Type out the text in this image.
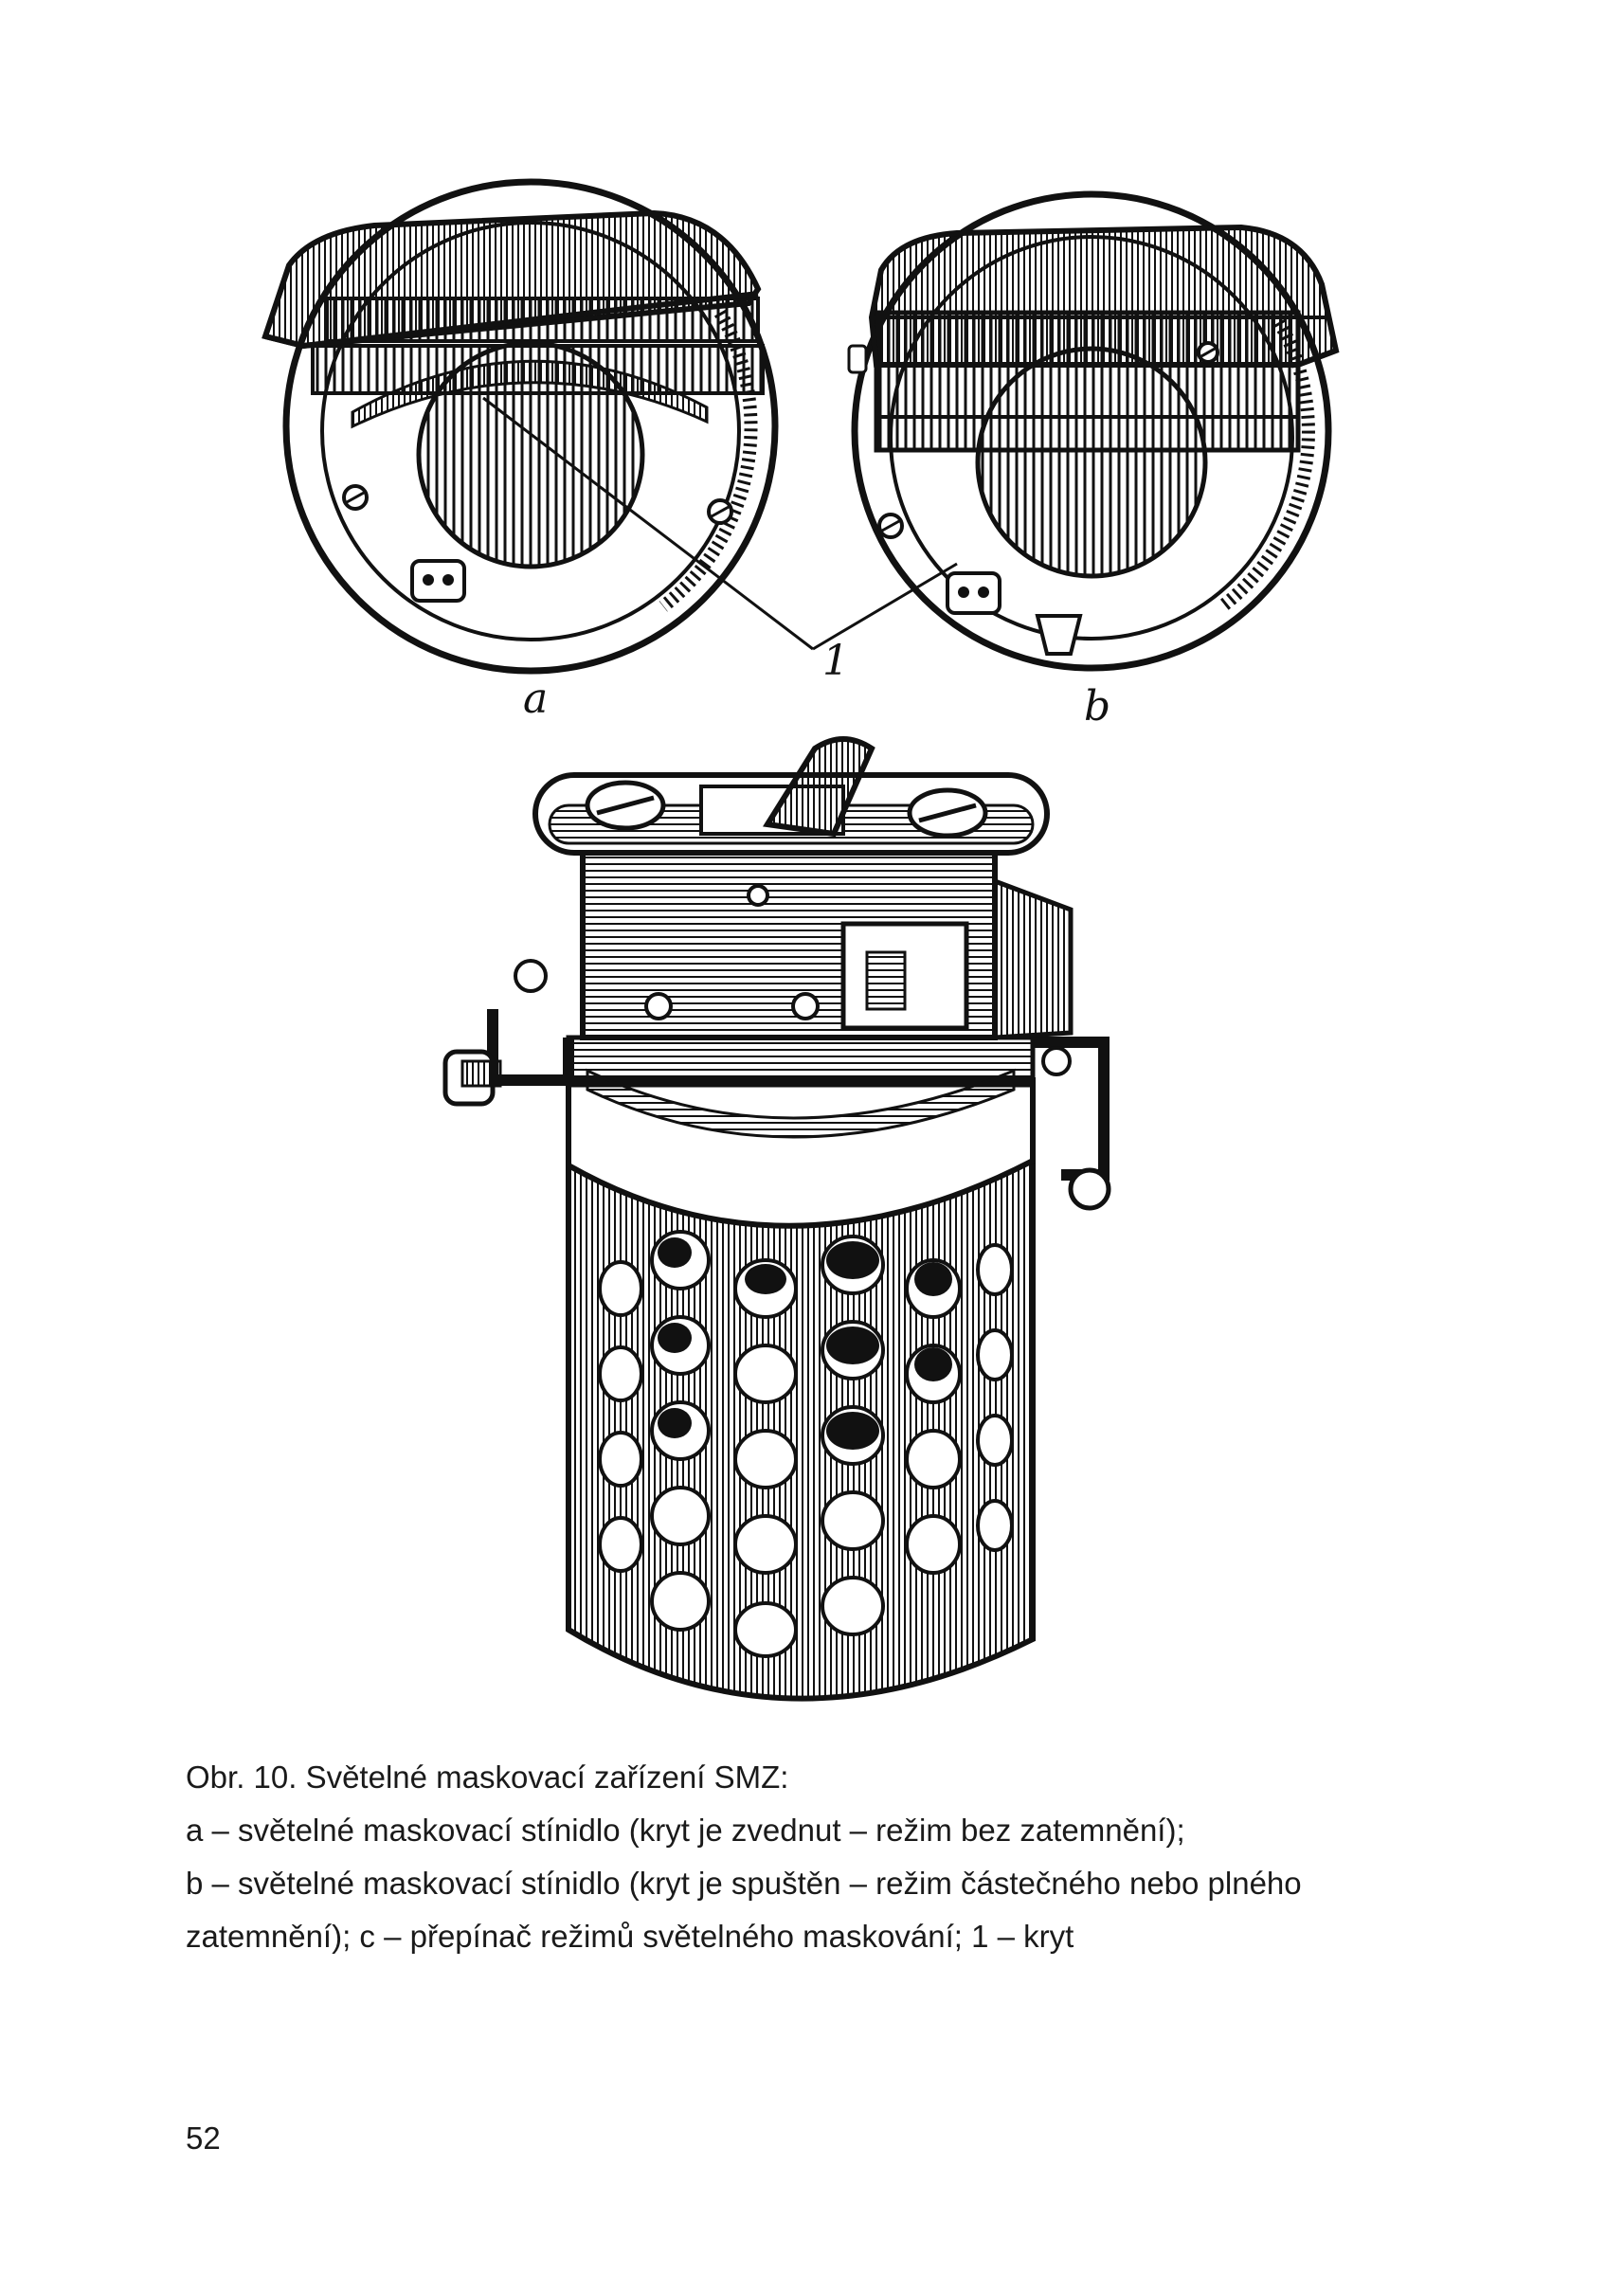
a
1
b

Obr. 10. Světelné maskovací zařízení SMZ:

a – světelné maskovací stínidlo (kryt je zvednut – režim bez zatemnění);

b – světelné maskovací stínidlo (kryt je spuštěn – režim částečného nebo plného zatemnění); c – přepínač režimů světelného maskování; 1 – kryt

52
